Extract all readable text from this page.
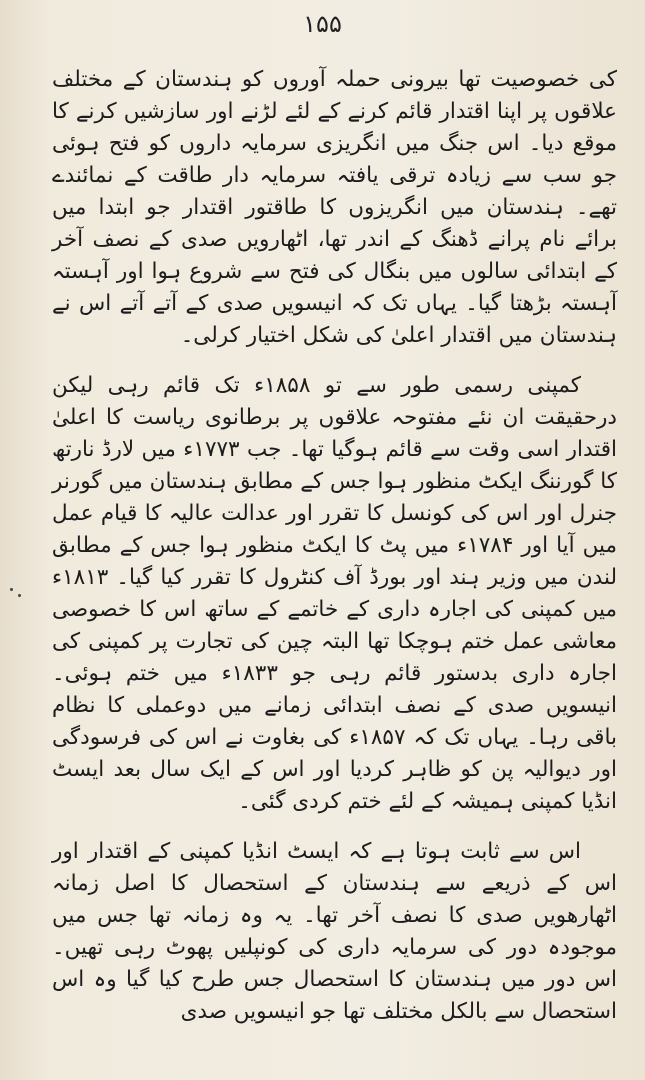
۱۵۵

کی خصوصیت تھا بیرونی حملہ آوروں کو ہندستان کے مختلف علاقوں پر اپنا اقتدار قائم کرنے کے لئے لڑنے اور سازشیں کرنے کا موقع دیا۔ اس جنگ میں انگریزی سرمایہ داروں کو فتح ہوئی جو سب سے زیادہ ترقی یافتہ سرمایہ دار طاقت کے نمائندے تھے۔ ہندستان میں انگریزوں کا طاقتور اقتدار جو ابتدا میں برائے نام پرانے ڈھنگ کے اندر تھا، اٹھارویں صدی کے نصف آخر کے ابتدائی سالوں میں بنگال کی فتح سے شروع ہوا اور آہستہ آہستہ بڑھتا گیا۔ یہاں تک کہ انیسویں صدی کے آتے آتے اس نے ہندستان میں اقتدار اعلیٰ کی شکل اختیار کرلی۔

کمپنی رسمی طور سے تو ۱۸۵۸ء تک قائم رہی لیکن درحقیقت ان نئے مفتوحہ علاقوں پر برطانوی ریاست کا اعلیٰ اقتدار اسی وقت سے قائم ہوگیا تھا۔ جب ۱۷۷۳ء میں لارڈ نارتھ کا گورننگ ایکٹ منظور ہوا جس کے مطابق ہندستان میں گورنر جنرل اور اس کی کونسل کا تقرر اور عدالت عالیہ کا قیام عمل میں آیا اور ۱۷۸۴ء میں پٹ کا ایکٹ منظور ہوا جس کے مطابق لندن میں وزیر ہند اور بورڈ آف کنٹرول کا تقرر کیا گیا۔ ۱۸۱۳ء میں کمپنی کی اجارہ داری کے خاتمے کے ساتھ اس کا خصوصی معاشی عمل ختم ہوچکا تھا البتہ چین کی تجارت پر کمپنی کی اجارہ داری بدستور قائم رہی جو ۱۸۳۳ء میں ختم ہوئی۔ انیسویں صدی کے نصف ابتدائی زمانے میں دوعملی کا نظام باقی رہا۔ یہاں تک کہ ۱۸۵۷ء کی بغاوت نے اس کی فرسودگی اور دیوالیہ پن کو ظاہر کردیا اور اس کے ایک سال بعد ایسٹ انڈیا کمپنی ہمیشہ کے لئے ختم کردی گئی۔

اس سے ثابت ہوتا ہے کہ ایسٹ انڈیا کمپنی کے اقتدار اور اس کے ذریعے سے ہندستان کے استحصال کا اصل زمانہ اٹھارھویں صدی کا نصف آخر تھا۔ یہ وہ زمانہ تھا جس میں موجودہ دور کی سرمایہ داری کی کونپلیں پھوٹ رہی تھیں۔ اس دور میں ہندستان کا استحصال جس طرح کیا گیا وہ اس استحصال سے بالکل مختلف تھا جو انیسویں صدی
